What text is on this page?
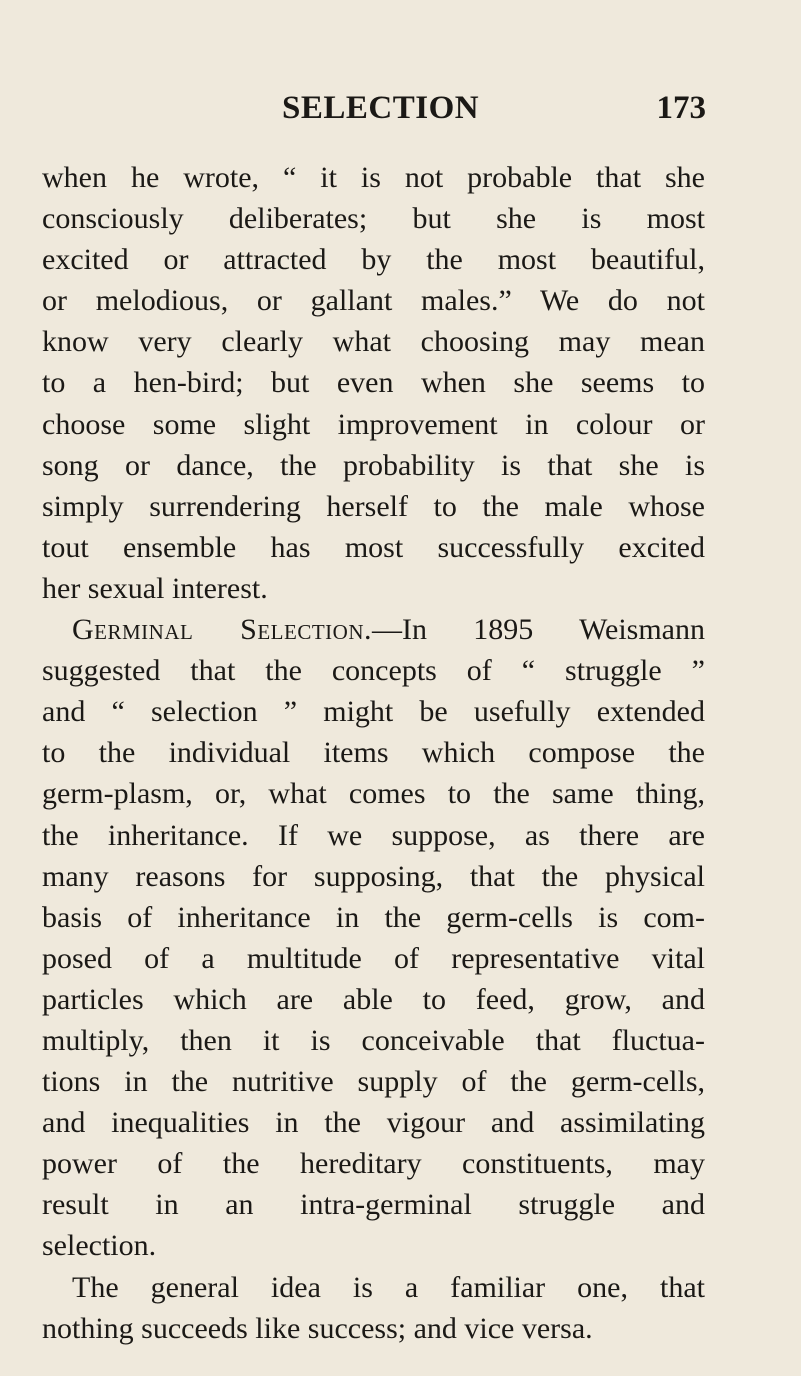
SELECTION	173
when he wrote, “ it is not probable that she
consciously deliberates; but she is most
excited or attracted by the most beautiful,
or melodious, or gallant males.” We do not
know very clearly what choosing may mean
to a hen-bird; but even when she seems to
choose some slight improvement in colour or
song or dance, the probability is that she is
simply surrendering herself to the male whose
tout ensemble has most successfully excited
her sexual interest.
Germinal Selection.—In 1895 Weismann
suggested that the concepts of “ struggle ”
and “ selection ” might be usefully extended
to the individual items which compose the
germ-plasm, or, what comes to the same thing,
the inheritance. If we suppose, as there are
many reasons for supposing, that the physical
basis of inheritance in the germ-cells is com-
posed of a multitude of representative vital
particles which are able to feed, grow, and
multiply, then it is conceivable that fluctua-
tions in the nutritive supply of the germ-cells,
and inequalities in the vigour and assimilating
power of the hereditary constituents, may
result in an intra-germinal struggle and
selection.
The general idea is a familiar one, that
nothing succeeds like success; and vice versa.
